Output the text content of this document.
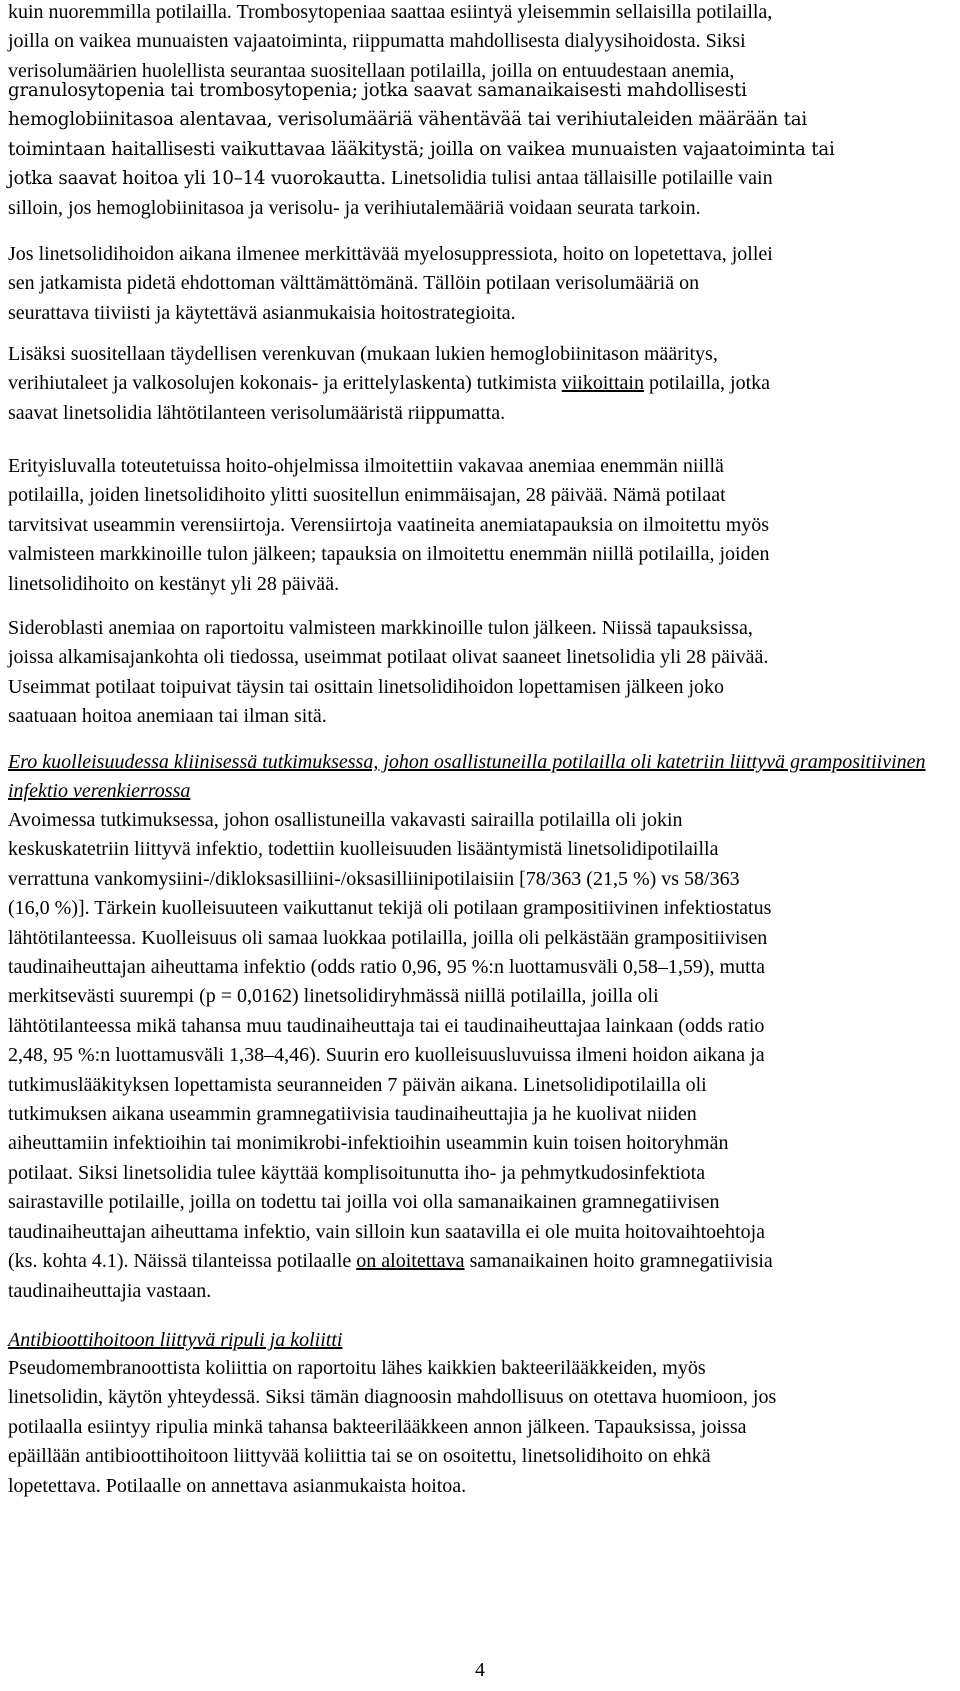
kuin nuoremmilla potilailla. Trombosytopeniaa saattaa esiintyä yleisemmin sellaisilla potilailla,
joilla on vaikea munuaisten vajaatoiminta, riippumatta mahdollisesta dialyysihoidosta. Siksi
verisolumäärien huolellista seurantaa suositellaan potilailla, joilla on entuudestaan anemia,

granulosytopenia tai trombosytopenia; jotka saavat samanaikaisesti mahdollisesti
hemoglobiinitasoa alentavaa, verisolumääriä vähentävää tai verihiutaleiden määrään tai
toimintaan haitallisesti vaikuttavaa lääkitystä; joilla on vaikea munuaisten vajaatoiminta tai
jotka saavat hoitoa yli 10–14 vuorokautta. Linetsolidia tulisi antaa tällaisille potilaille vain
silloin, jos hemoglobiinitasoa ja verisolu- ja verihiutalemääriä voidaan seurata tarkoin.

Jos linetsolidihoidon aikana ilmenee merkittävää myelosuppressiota, hoito on lopetettava, jollei
sen jatkamista pidetä ehdottoman välttämättömänä. Tällöin potilaan verisolumääriä on
seurattava tiiviisti ja käytettävä asianmukaisia hoitostrategioita.

Lisäksi suositellaan täydellisen verenkuvan (mukaan lukien hemoglobiinitason määritys,
verihiutaleet ja valkosolujen kokonais- ja erittelylaskenta) tutkimista viikoittain potilailla, jotka
saavat linetsolidia lähtötilanteen verisolumääristä riippumatta.

Erityisluvalla toteutetuissa hoito-ohjelmissa ilmoitettiin vakavaa anemiaa enemmän niillä
potilailla, joiden linetsolidihoito ylitti suositellun enimmäisajan, 28 päivää. Nämä potilaat
tarvitsivat useammin verensiirtoja. Verensiirtoja vaatineita anemiatapauksia on ilmoitettu myös
valmisteen markkinoille tulon jälkeen; tapauksia on ilmoitettu enemmän niillä potilailla, joiden
linetsolidihoito on kestänyt yli 28 päivää.

Sideroblasti anemiaa on raportoitu valmisteen markkinoille tulon jälkeen. Niissä tapauksissa,
joissa alkamisajankohta oli tiedossa, useimmat potilaat olivat saaneet linetsolidia yli 28 päivää.
Useimmat potilaat toipuivat täysin tai osittain linetsolidihoidon lopettamisen jälkeen joko
saatuaan hoitoa anemiaan tai ilman sitä.

Ero kuolleisuudessa kliinisessä tutkimuksessa, johon osallistuneilla potilailla oli katetriin liittyvä grampositiivinen infektio verenkierrossa

Avoimessa tutkimuksessa, johon osallistuneilla vakavasti sairailla potilailla oli jokin
keskuskatetriin liittyvä infektio, todettiin kuolleisuuden lisääntymistä linetsolidipotilailla
verrattuna vankomysiini-/dikloksasilliini-/oksasilliinipotilaisiin [78/363 (21,5 %) vs 58/363
(16,0 %)]. Tärkein kuolleisuuteen vaikuttanut tekijä oli potilaan grampositiivinen infektiostatus
lähtötilanteessa. Kuolleisuus oli samaa luokkaa potilailla, joilla oli pelkästään grampositiivisen
taudinaiheuttajan aiheuttama infektio (odds ratio 0,96, 95 %:n luottamusväli 0,58–1,59), mutta
merkitsevästi suurempi (p = 0,0162) linetsolidiryhmässä niillä potilailla, joilla oli
lähtötilanteessa mikä tahansa muu taudinaiheuttaja tai ei taudinaiheuttajaa lainkaan (odds ratio
2,48, 95 %:n luottamusväli 1,38–4,46). Suurin ero kuolleisuusluvuissa ilmeni hoidon aikana ja
tutkimuslääkityksen lopettamista seuranneiden 7 päivän aikana. Linetsolidipotilailla oli
tutkimuksen aikana useammin gramnegatiivisia taudinaiheuttajia ja he kuolivat niiden
aiheuttamiin infektioihin tai monimikrobi-infektioihin useammin kuin toisen hoitoryhmän
potilaat. Siksi linetsolidia tulee käyttää komplisoitunutta iho- ja pehmytkudosinfektiota
sairastaville potilaille, joilla on todettu tai joilla voi olla samanaikainen gramnegatiivisen
taudinaiheuttajan aiheuttama infektio, vain silloin kun saatavilla ei ole muita hoitovaihtoehtoja
(ks. kohta 4.1). Näissä tilanteissa potilaalle on aloitettava samanaikainen hoito gramnegatiivisia
taudinaiheuttajia vastaan.

Antibioottihoitoon liittyvä ripuli ja koliitti

Pseudomembranoottista koliittia on raportoitu lähes kaikkien bakteerilääkkeiden, myös
linetsolidin, käytön yhteydessä. Siksi tämän diagnoosin mahdollisuus on otettava huomioon, jos
potilaalla esiintyy ripulia minkä tahansa bakteerilääkkeen annon jälkeen. Tapauksissa, joissa
epäillään antibioottihoitoon liittyvää koliittia tai se on osoitettu, linetsolidihoito on ehkä
lopetettava. Potilaalle on annettava asianmukaista hoitoa.

4
